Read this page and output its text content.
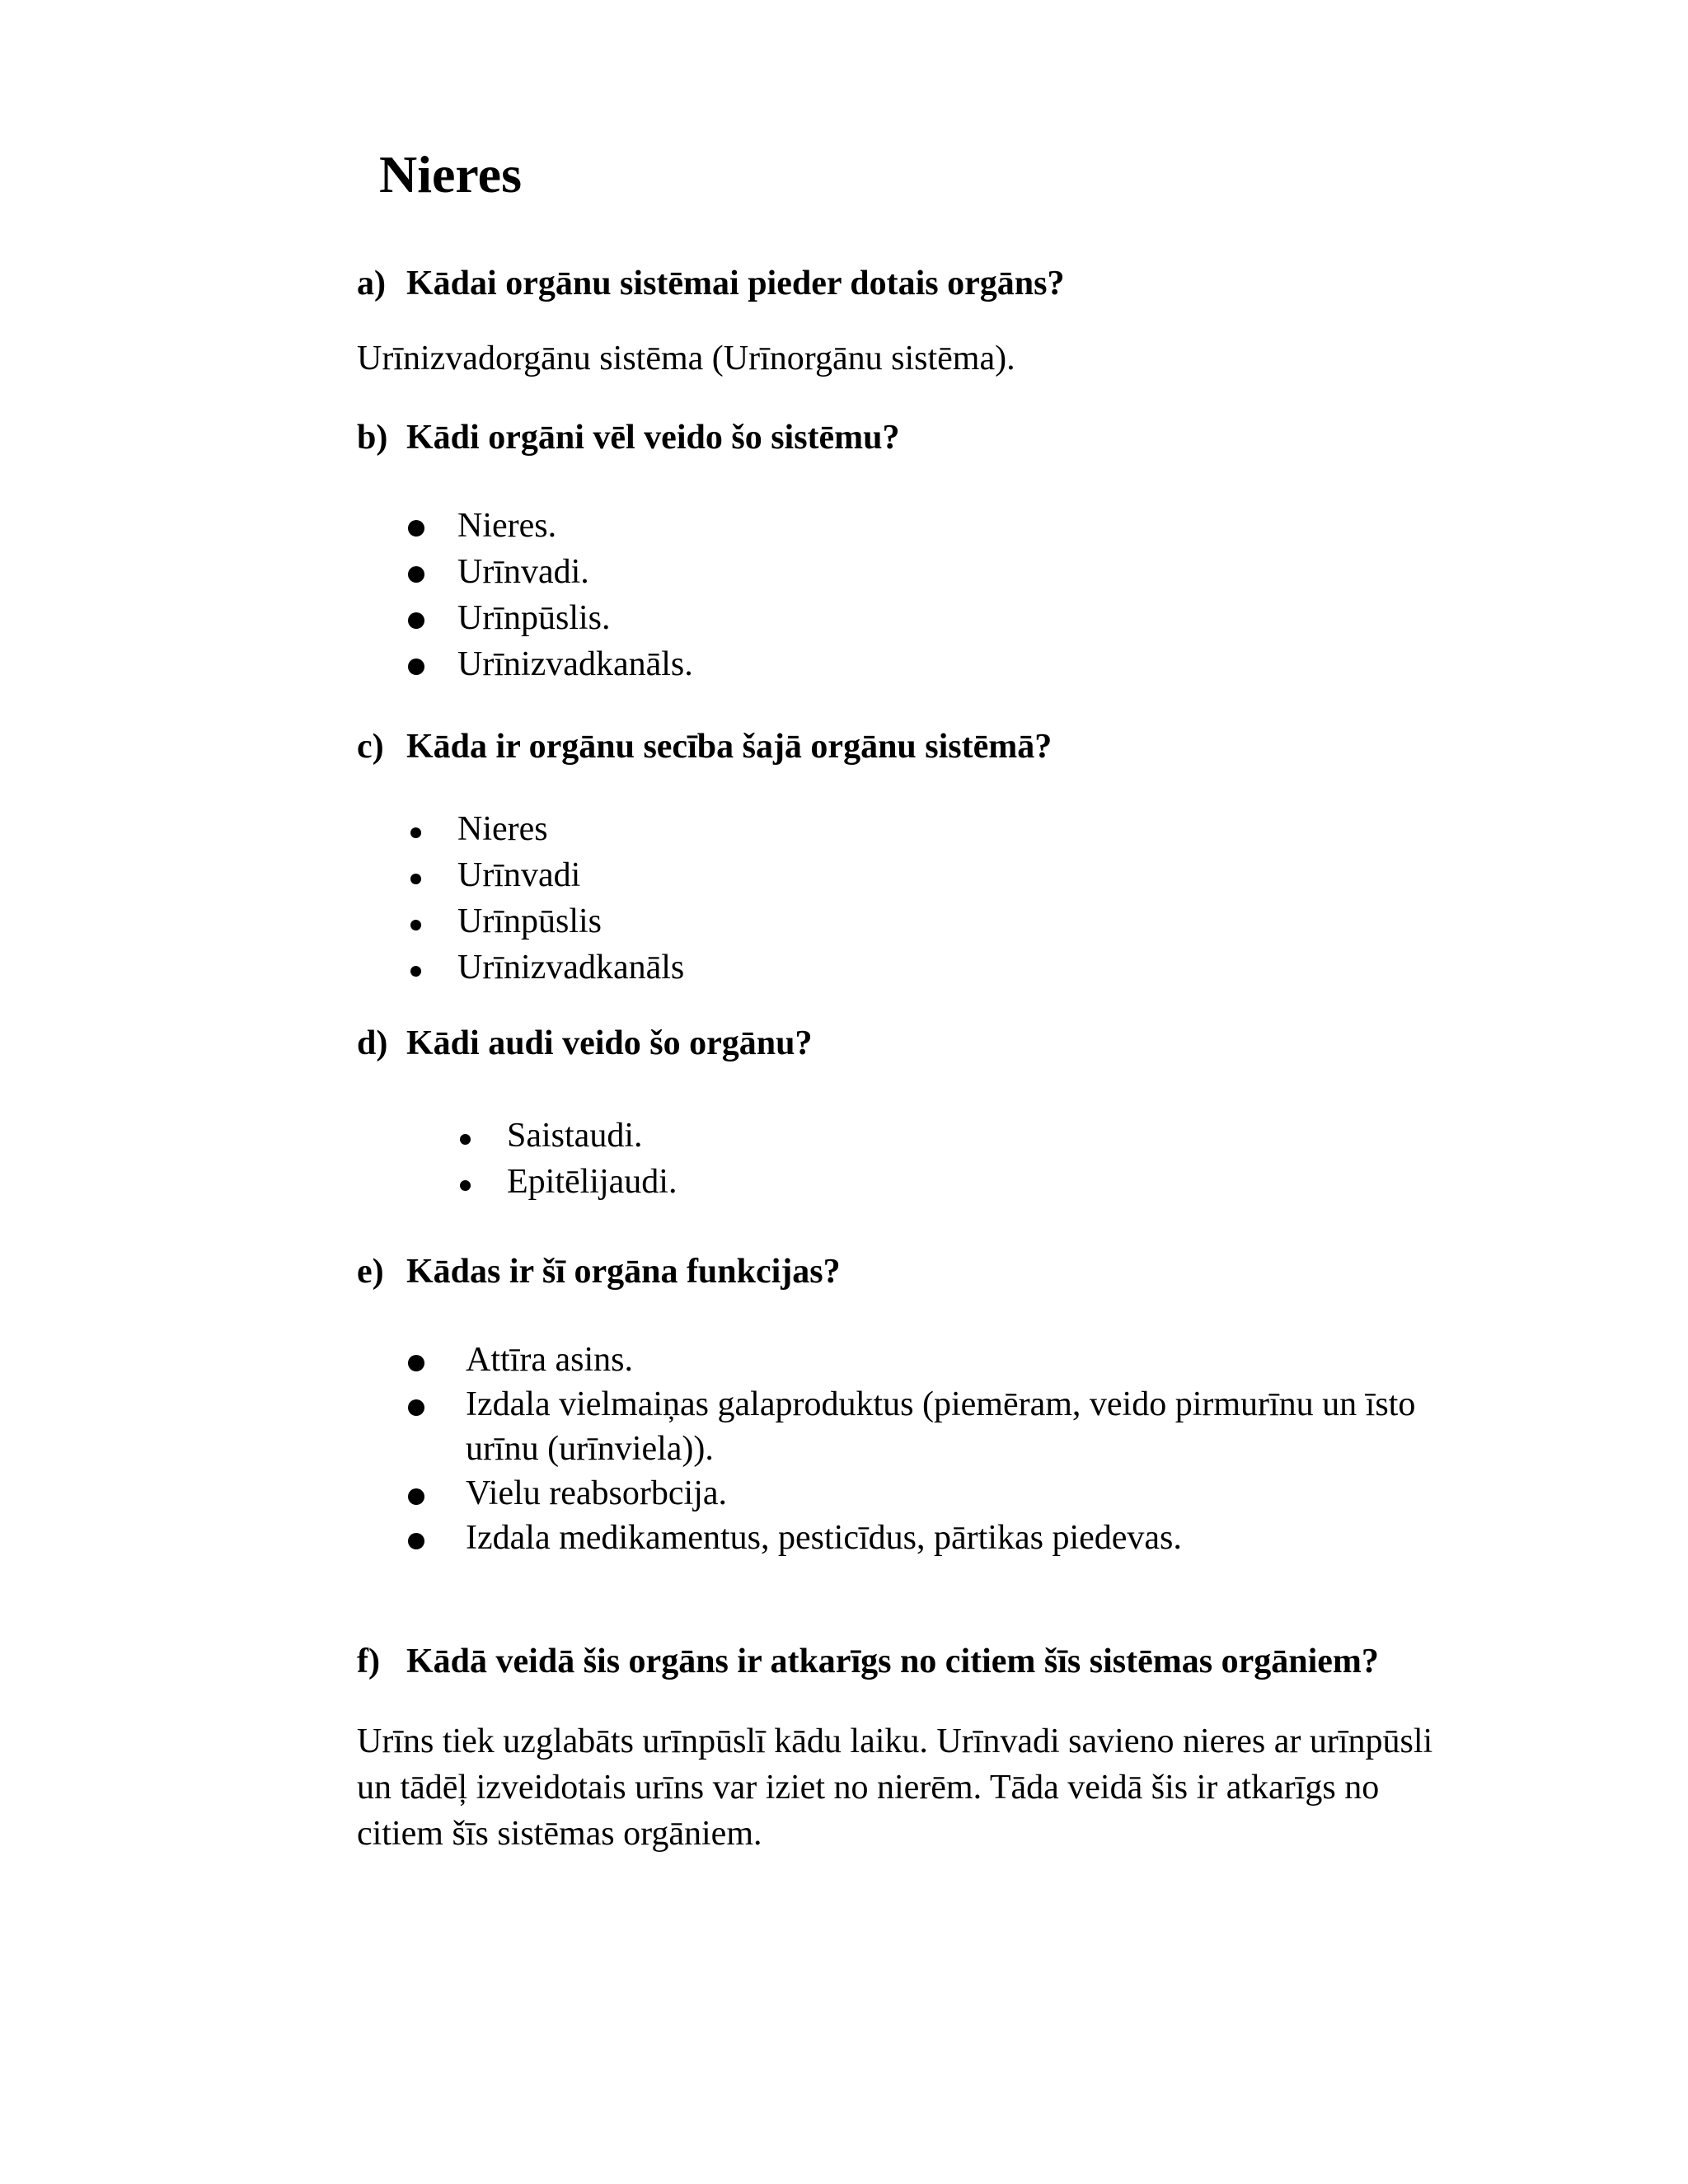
Nieres
a) Kādai orgānu sistēmai pieder dotais orgāns?
Urīnizvadorgānu sistēma (Urīnorgānu sistēma).
b) Kādi orgāni vēl veido šo sistēmu?
Nieres.
Urīnvadi.
Urīnpūslis.
Urīnizvadkanāls.
c) Kāda ir orgānu secība šajā orgānu sistēmā?
Nieres
Urīnvadi
Urīnpūslis
Urīnizvadkanāls
d) Kādi audi veido šo orgānu?
Saistaudi.
Epitēlijaudi.
e) Kādas ir šī orgāna funkcijas?
Attīra asins.
Izdala vielmaiņas galaproduktus (piemēram, veido pirmurīnu un īsto
urīnu (urīnviela)).
Vielu reabsorbcija.
Izdala medikamentus, pesticīdus, pārtikas piedevas.
f) Kādā veidā šis orgāns ir atkarīgs no citiem šīs sistēmas orgāniem?
Urīns tiek uzglabāts urīnpūslī kādu laiku. Urīnvadi savieno nieres ar urīnpūsli
un tādēļ izveidotais urīns var iziet no nierēm. Tāda veidā šis ir atkarīgs no
citiem šīs sistēmas orgāniem.
